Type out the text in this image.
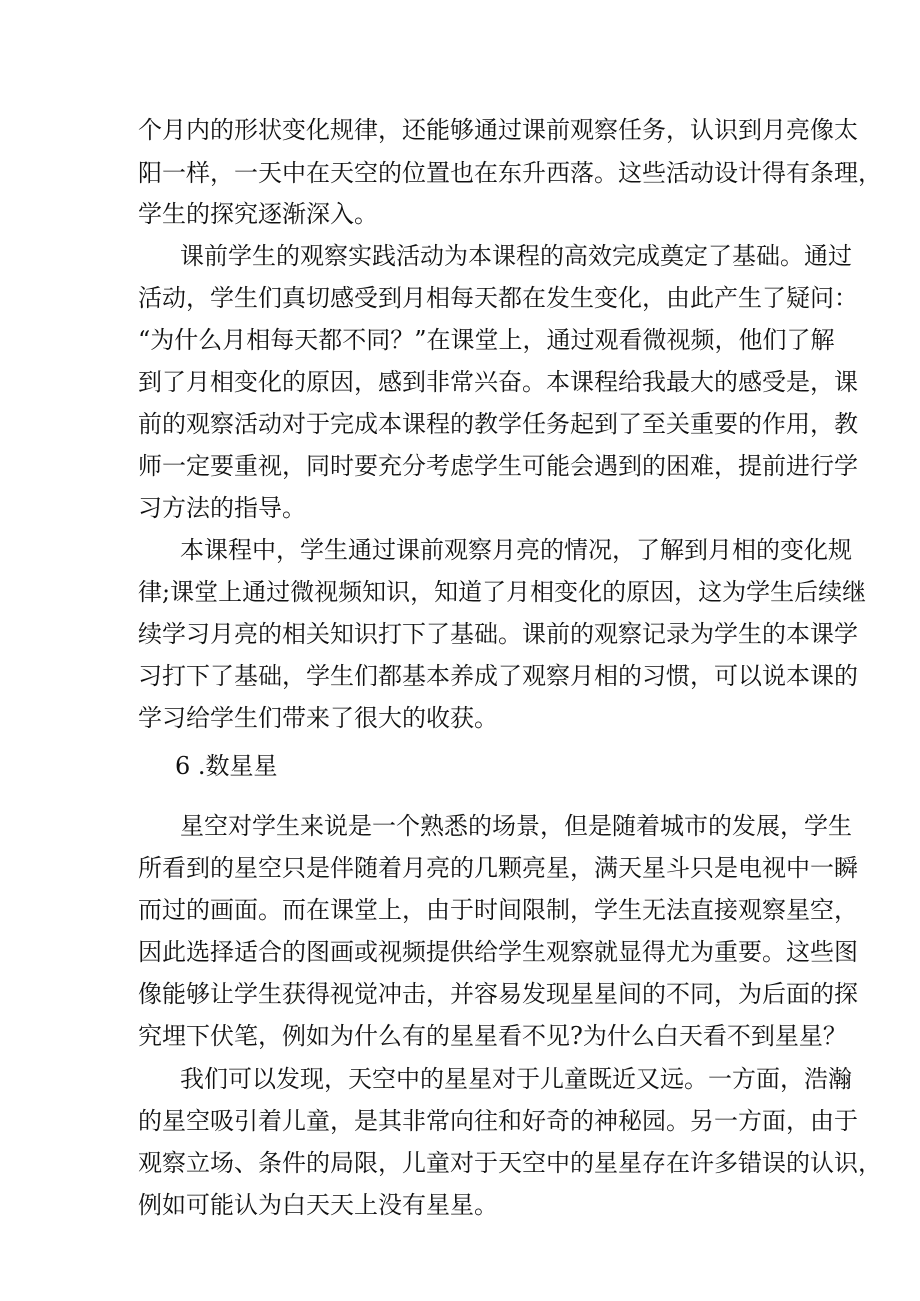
个月内的形状变化规律，还能够通过课前观察任务，认识到月亮像太
阳一样，一天中在天空的位置也在东升西落。这些活动设计得有条理，
学生的探究逐渐深入。
课前学生的观察实践活动为本课程的高效完成奠定了基础。通过
活动，学生们真切感受到月相每天都在发生变化，由此产生了疑问：
“为什么月相每天都不同？”在课堂上，通过观看微视频，他们了解
到了月相变化的原因，感到非常兴奋。本课程给我最大的感受是，课
前的观察活动对于完成本课程的教学任务起到了至关重要的作用，教
师一定要重视，同时要充分考虑学生可能会遇到的困难，提前进行学
习方法的指导。
本课程中，学生通过课前观察月亮的情况，了解到月相的变化规
律;课堂上通过微视频知识，知道了月相变化的原因，这为学生后续继
续学习月亮的相关知识打下了基础。课前的观察记录为学生的本课学
习打下了基础，学生们都基本养成了观察月相的习惯，可以说本课的
学习给学生们带来了很大的收获。
6 .数星星
星空对学生来说是一个熟悉的场景，但是随着城市的发展，学生
所看到的星空只是伴随着月亮的几颗亮星，满天星斗只是电视中一瞬
而过的画面。而在课堂上，由于时间限制，学生无法直接观察星空，
因此选择适合的图画或视频提供给学生观察就显得尤为重要。这些图
像能够让学生获得视觉冲击，并容易发现星星间的不同，为后面的探
究埋下伏笔，例如为什么有的星星看不见?为什么白天看不到星星？
我们可以发现，天空中的星星对于儿童既近又远。一方面，浩瀚
的星空吸引着儿童，是其非常向往和好奇的神秘园。另一方面，由于
观察立场、条件的局限，儿童对于天空中的星星存在许多错误的认识，
例如可能认为白天天上没有星星。
